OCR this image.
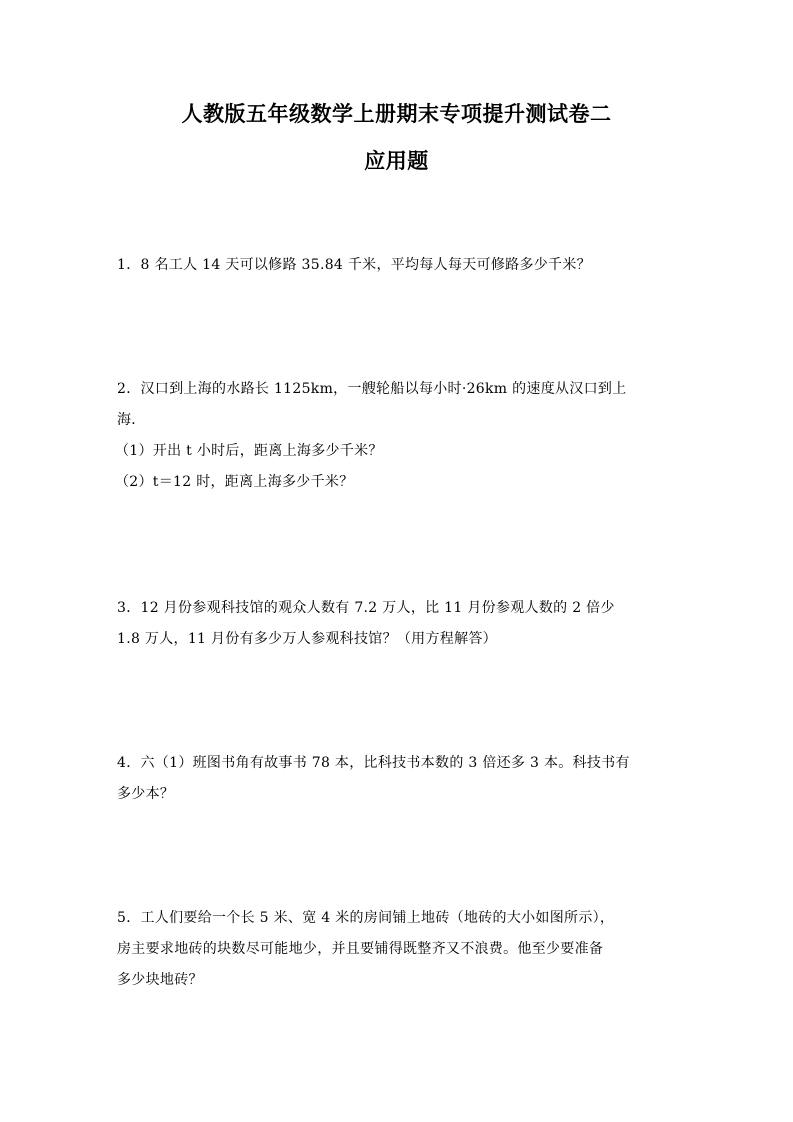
人教版五年级数学上册期末专项提升测试卷二
应用题
1．8 名工人 14 天可以修路 35.84 千米，平均每人每天可修路多少千米？
2．汉口到上海的水路长 1125km，一艘轮船以每小时·26km 的速度从汉口到上
海．
（1）开出 t 小时后，距离上海多少千米？
（2）t＝12 时，距离上海多少千米？
3．12 月份参观科技馆的观众人数有 7.2 万人，比 11 月份参观人数的 2 倍少
1.8 万人，11 月份有多少万人参观科技馆？（用方程解答）
4．六（1）班图书角有故事书 78 本，比科技书本数的 3 倍还多 3 本。科技书有
多少本？
5．工人们要给一个长 5 米、宽 4 米的房间铺上地砖（地砖的大小如图所示），
房主要求地砖的块数尽可能地少，并且要铺得既整齐又不浪费。他至少要准备
多少块地砖？
